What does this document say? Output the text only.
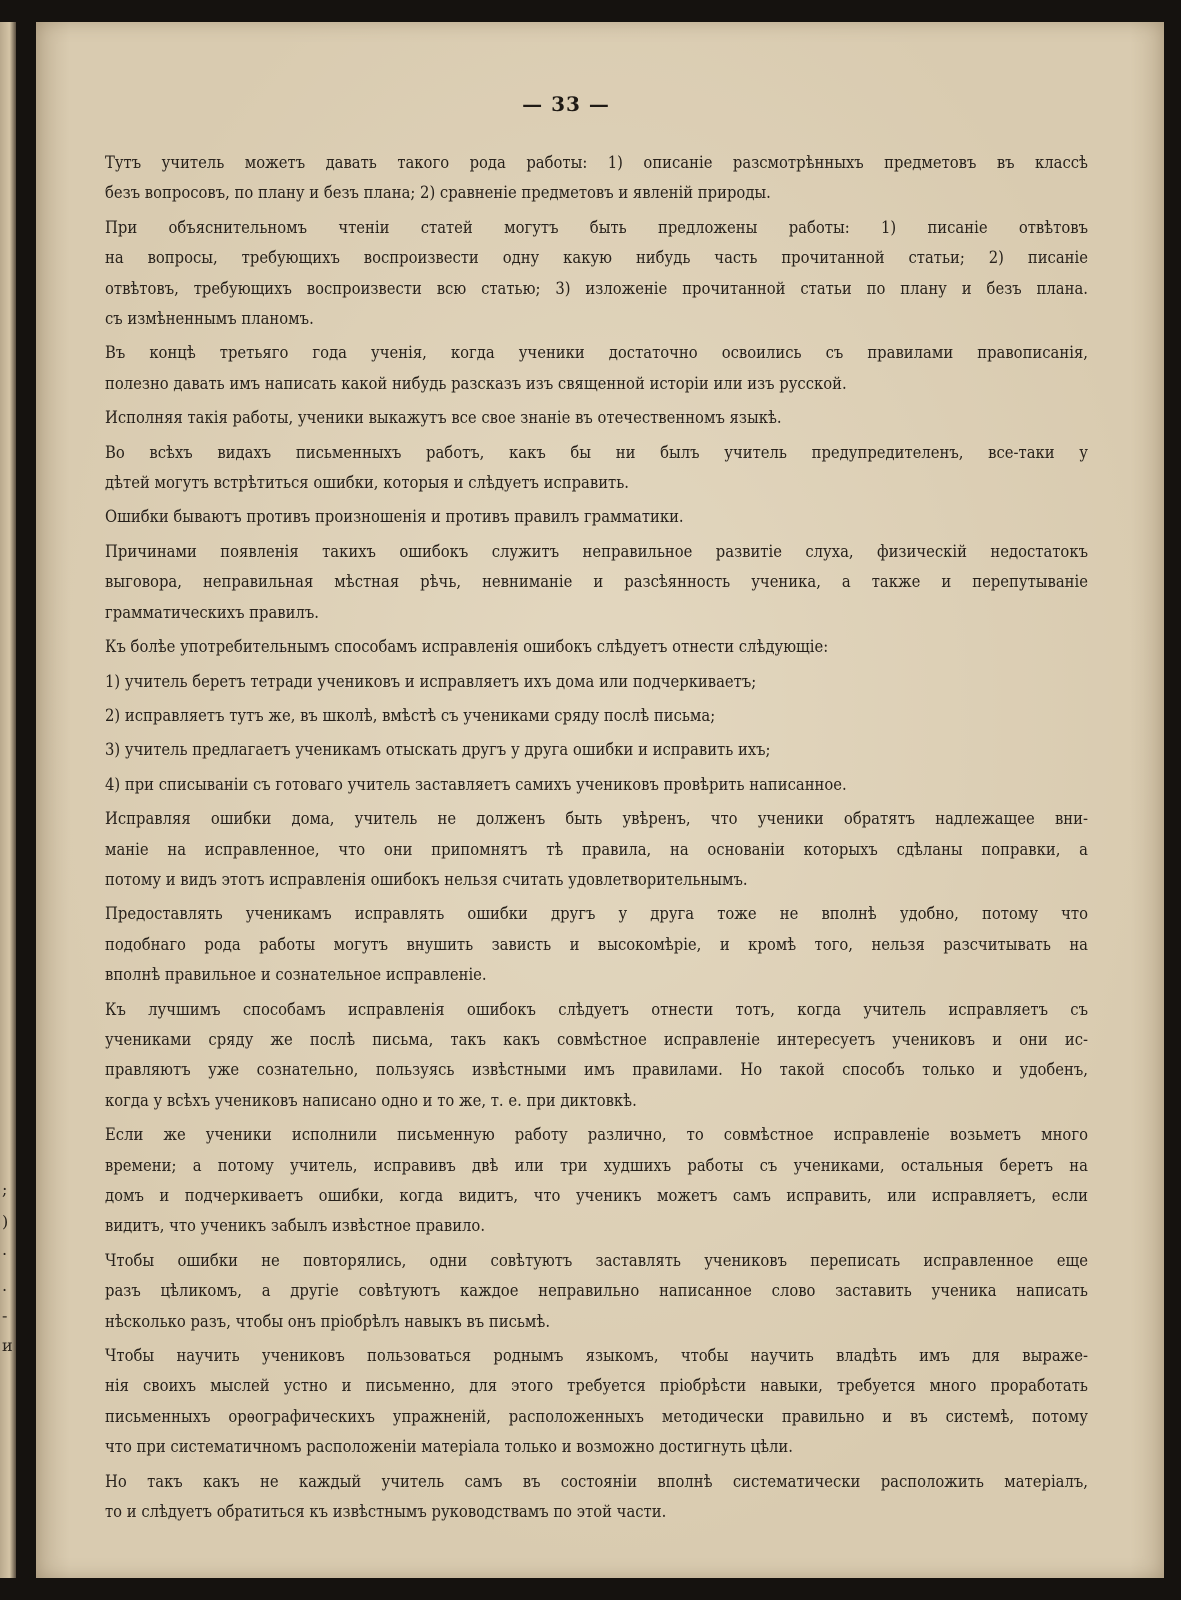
;
)
.
.
-
и
— 33 —
Тутъ учитель можетъ давать такого рода работы: 1) описаніе разсмотрѣнныхъ предметовъ въ классѣ
безъ вопросовъ, по плану и безъ плана; 2) сравненіе предметовъ и явленій природы.
При объяснительномъ чтеніи статей могутъ быть предложены работы: 1) писаніе отвѣтовъ
на вопросы, требующихъ воспроизвести одну какую нибудь часть прочитанной статьи; 2) писаніе
отвѣтовъ, требующихъ воспроизвести всю статью; 3) изложеніе прочитанной статьи по плану и безъ плана.
съ измѣненнымъ планомъ.
Въ концѣ третьяго года ученія, когда ученики достаточно освоились съ правилами правописанія,
полезно давать имъ написать какой нибудь разсказъ изъ священной исторіи или изъ русской.
Исполняя такія работы, ученики выкажутъ все свое знаніе въ отечественномъ языкѣ.
Во всѣхъ видахъ письменныхъ работъ, какъ бы ни былъ учитель предупредителенъ, все-таки у
дѣтей могутъ встрѣтиться ошибки, которыя и слѣдуетъ исправить.
Ошибки бываютъ противъ произношенія и противъ правилъ грамматики.
Причинами появленія такихъ ошибокъ служитъ неправильное развитіе слуха, физическій недостатокъ
выговора, неправильная мѣстная рѣчь, невниманіе и разсѣянность ученика, а также и перепутываніе
грамматическихъ правилъ.
Къ болѣе употребительнымъ способамъ исправленія ошибокъ слѣдуетъ отнести слѣдующіе:
1) учитель беретъ тетради учениковъ и исправляетъ ихъ дома или подчеркиваетъ;
2) исправляетъ тутъ же, въ школѣ, вмѣстѣ съ учениками сряду послѣ письма;
3) учитель предлагаетъ ученикамъ отыскать другъ у друга ошибки и исправить ихъ;
4) при списываніи съ готоваго учитель заставляетъ самихъ учениковъ провѣрить написанное.
Исправляя ошибки дома, учитель не долженъ быть увѣренъ, что ученики обратятъ надлежащее вни-
маніе на исправленное, что они припомнятъ тѣ правила, на основаніи которыхъ сдѣланы поправки, а
потому и видъ этотъ исправленія ошибокъ нельзя считать удовлетворительнымъ.
Предоставлять ученикамъ исправлять ошибки другъ у друга тоже не вполнѣ удобно, потому что
подобнаго рода работы могутъ внушить зависть и высокомѣріе, и кромѣ того, нельзя разсчитывать на
вполнѣ правильное и сознательное исправленіе.
Къ лучшимъ способамъ исправленія ошибокъ слѣдуетъ отнести тотъ, когда учитель исправляетъ съ
учениками сряду же послѣ письма, такъ какъ совмѣстное исправленіе интересуетъ учениковъ и они ис-
правляютъ уже сознательно, пользуясь извѣстными имъ правилами. Но такой способъ только и удобенъ,
когда у всѣхъ учениковъ написано одно и то же, т. е. при диктовкѣ.
Если же ученики исполнили письменную работу различно, то совмѣстное исправленіе возьметъ много
времени; а потому учитель, исправивъ двѣ или три худшихъ работы съ учениками, остальныя беретъ на
домъ и подчеркиваетъ ошибки, когда видитъ, что ученикъ можетъ самъ исправить, или исправляетъ, если
видитъ, что ученикъ забылъ извѣстное правило.
Чтобы ошибки не повторялись, одни совѣтуютъ заставлять учениковъ переписать исправленное еще
разъ цѣликомъ, а другіе совѣтуютъ каждое неправильно написанное слово заставить ученика написать
нѣсколько разъ, чтобы онъ пріобрѣлъ навыкъ въ письмѣ.
Чтобы научить учениковъ пользоваться роднымъ языкомъ, чтобы научить владѣть имъ для выраже-
нія своихъ мыслей устно и письменно, для этого требуется пріобрѣсти навыки, требуется много проработать
письменныхъ орѳографическихъ упражненій, расположенныхъ методически правильно и въ системѣ, потому
что при систематичномъ расположеніи матеріала только и возможно достигнуть цѣли.
Но такъ какъ не каждый учитель самъ въ состояніи вполнѣ систематически расположить матеріалъ,
то и слѣдуетъ обратиться къ извѣстнымъ руководствамъ по этой части.
